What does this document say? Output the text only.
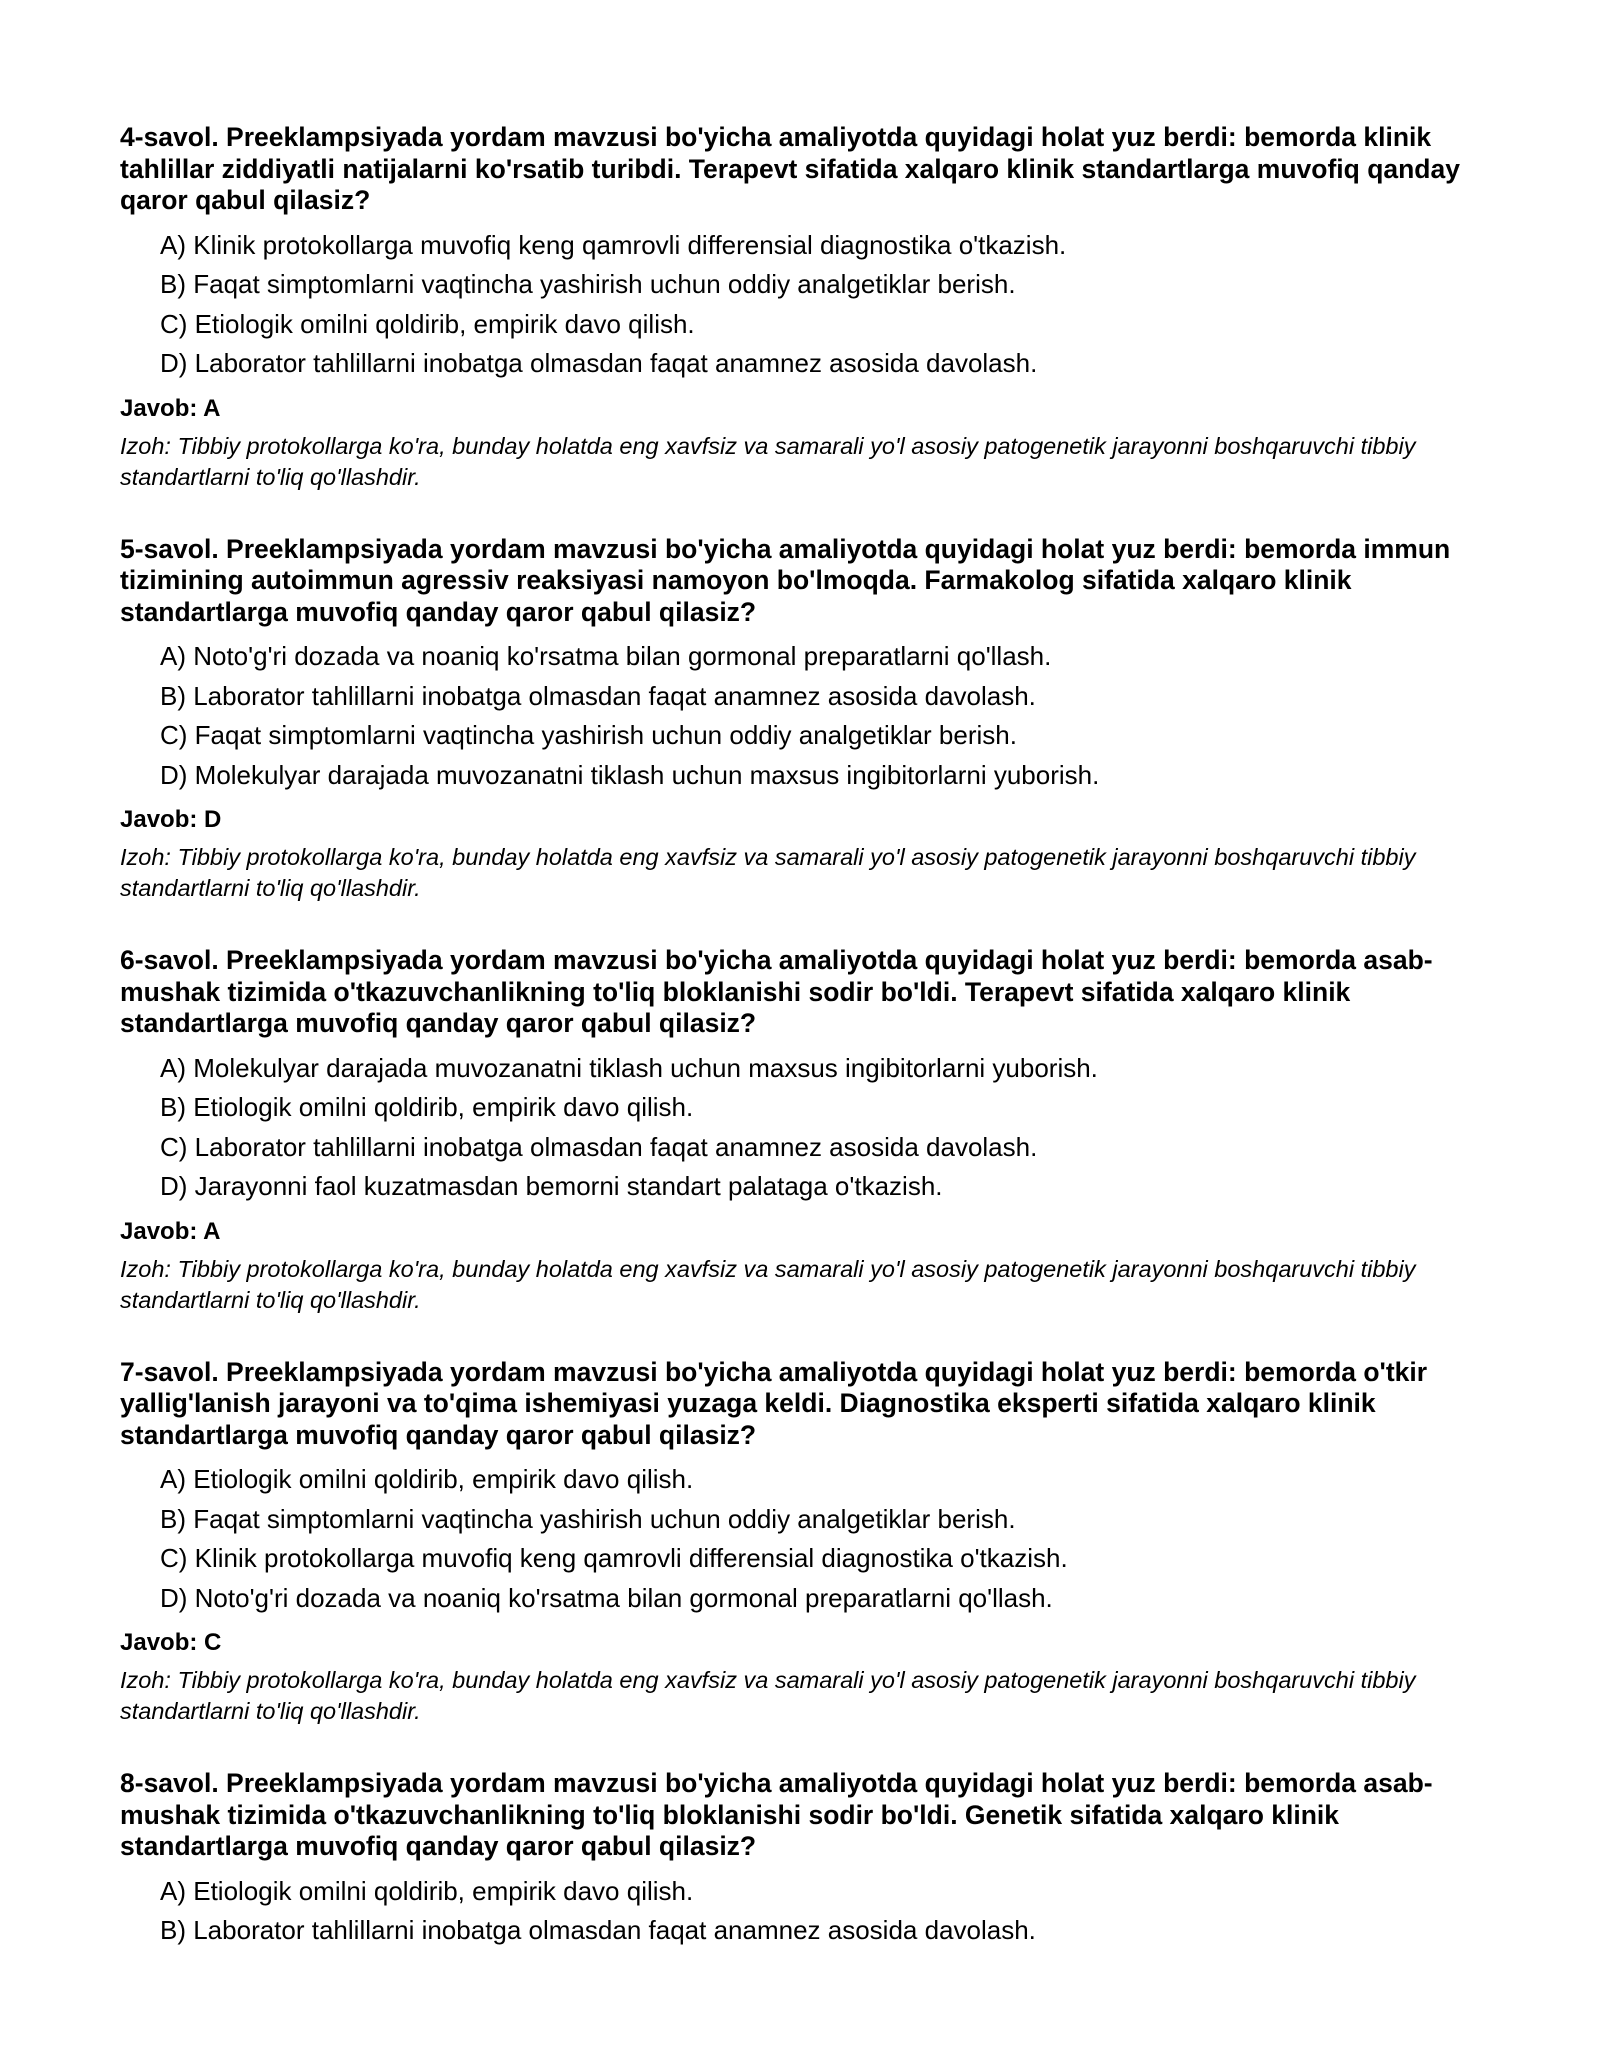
4-savol. Preeklampsiyada yordam mavzusi bo'yicha amaliyotda quyidagi holat yuz berdi: bemorda klinik tahlillar ziddiyatli natijalarni ko'rsatib turibdi. Terapevt sifatida xalqaro klinik standartlarga muvofiq qanday qaror qabul qilasiz?
A) Klinik protokollarga muvofiq keng qamrovli differensial diagnostika o'tkazish.
B) Faqat simptomlarni vaqtincha yashirish uchun oddiy analgetiklar berish.
C) Etiologik omilni qoldirib, empirik davo qilish.
D) Laborator tahlillarni inobatga olmasdan faqat anamnez asosida davolash.
Javob: A
Izoh: Tibbiy protokollarga ko'ra, bunday holatda eng xavfsiz va samarali yo'l asosiy patogenetik jarayonni boshqaruvchi tibbiy standartlarni to'liq qo'llashdir.
5-savol. Preeklampsiyada yordam mavzusi bo'yicha amaliyotda quyidagi holat yuz berdi: bemorda immun tizimining autoimmun agressiv reaksiyasi namoyon bo'lmoqda. Farmakolog sifatida xalqaro klinik standartlarga muvofiq qanday qaror qabul qilasiz?
A) Noto'g'ri dozada va noaniq ko'rsatma bilan gormonal preparatlarni qo'llash.
B) Laborator tahlillarni inobatga olmasdan faqat anamnez asosida davolash.
C) Faqat simptomlarni vaqtincha yashirish uchun oddiy analgetiklar berish.
D) Molekulyar darajada muvozanatni tiklash uchun maxsus ingibitorlarni yuborish.
Javob: D
Izoh: Tibbiy protokollarga ko'ra, bunday holatda eng xavfsiz va samarali yo'l asosiy patogenetik jarayonni boshqaruvchi tibbiy standartlarni to'liq qo'llashdir.
6-savol. Preeklampsiyada yordam mavzusi bo'yicha amaliyotda quyidagi holat yuz berdi: bemorda asab-mushak tizimida o'tkazuvchanlikning to'liq bloklanishi sodir bo'ldi. Terapevt sifatida xalqaro klinik standartlarga muvofiq qanday qaror qabul qilasiz?
A) Molekulyar darajada muvozanatni tiklash uchun maxsus ingibitorlarni yuborish.
B) Etiologik omilni qoldirib, empirik davo qilish.
C) Laborator tahlillarni inobatga olmasdan faqat anamnez asosida davolash.
D) Jarayonni faol kuzatmasdan bemorni standart palataga o'tkazish.
Javob: A
Izoh: Tibbiy protokollarga ko'ra, bunday holatda eng xavfsiz va samarali yo'l asosiy patogenetik jarayonni boshqaruvchi tibbiy standartlarni to'liq qo'llashdir.
7-savol. Preeklampsiyada yordam mavzusi bo'yicha amaliyotda quyidagi holat yuz berdi: bemorda o'tkir yallig'lanish jarayoni va to'qima ishemiyasi yuzaga keldi. Diagnostika eksperti sifatida xalqaro klinik standartlarga muvofiq qanday qaror qabul qilasiz?
A) Etiologik omilni qoldirib, empirik davo qilish.
B) Faqat simptomlarni vaqtincha yashirish uchun oddiy analgetiklar berish.
C) Klinik protokollarga muvofiq keng qamrovli differensial diagnostika o'tkazish.
D) Noto'g'ri dozada va noaniq ko'rsatma bilan gormonal preparatlarni qo'llash.
Javob: C
Izoh: Tibbiy protokollarga ko'ra, bunday holatda eng xavfsiz va samarali yo'l asosiy patogenetik jarayonni boshqaruvchi tibbiy standartlarni to'liq qo'llashdir.
8-savol. Preeklampsiyada yordam mavzusi bo'yicha amaliyotda quyidagi holat yuz berdi: bemorda asab-mushak tizimida o'tkazuvchanlikning to'liq bloklanishi sodir bo'ldi. Genetik sifatida xalqaro klinik standartlarga muvofiq qanday qaror qabul qilasiz?
A) Etiologik omilni qoldirib, empirik davo qilish.
B) Laborator tahlillarni inobatga olmasdan faqat anamnez asosida davolash.
